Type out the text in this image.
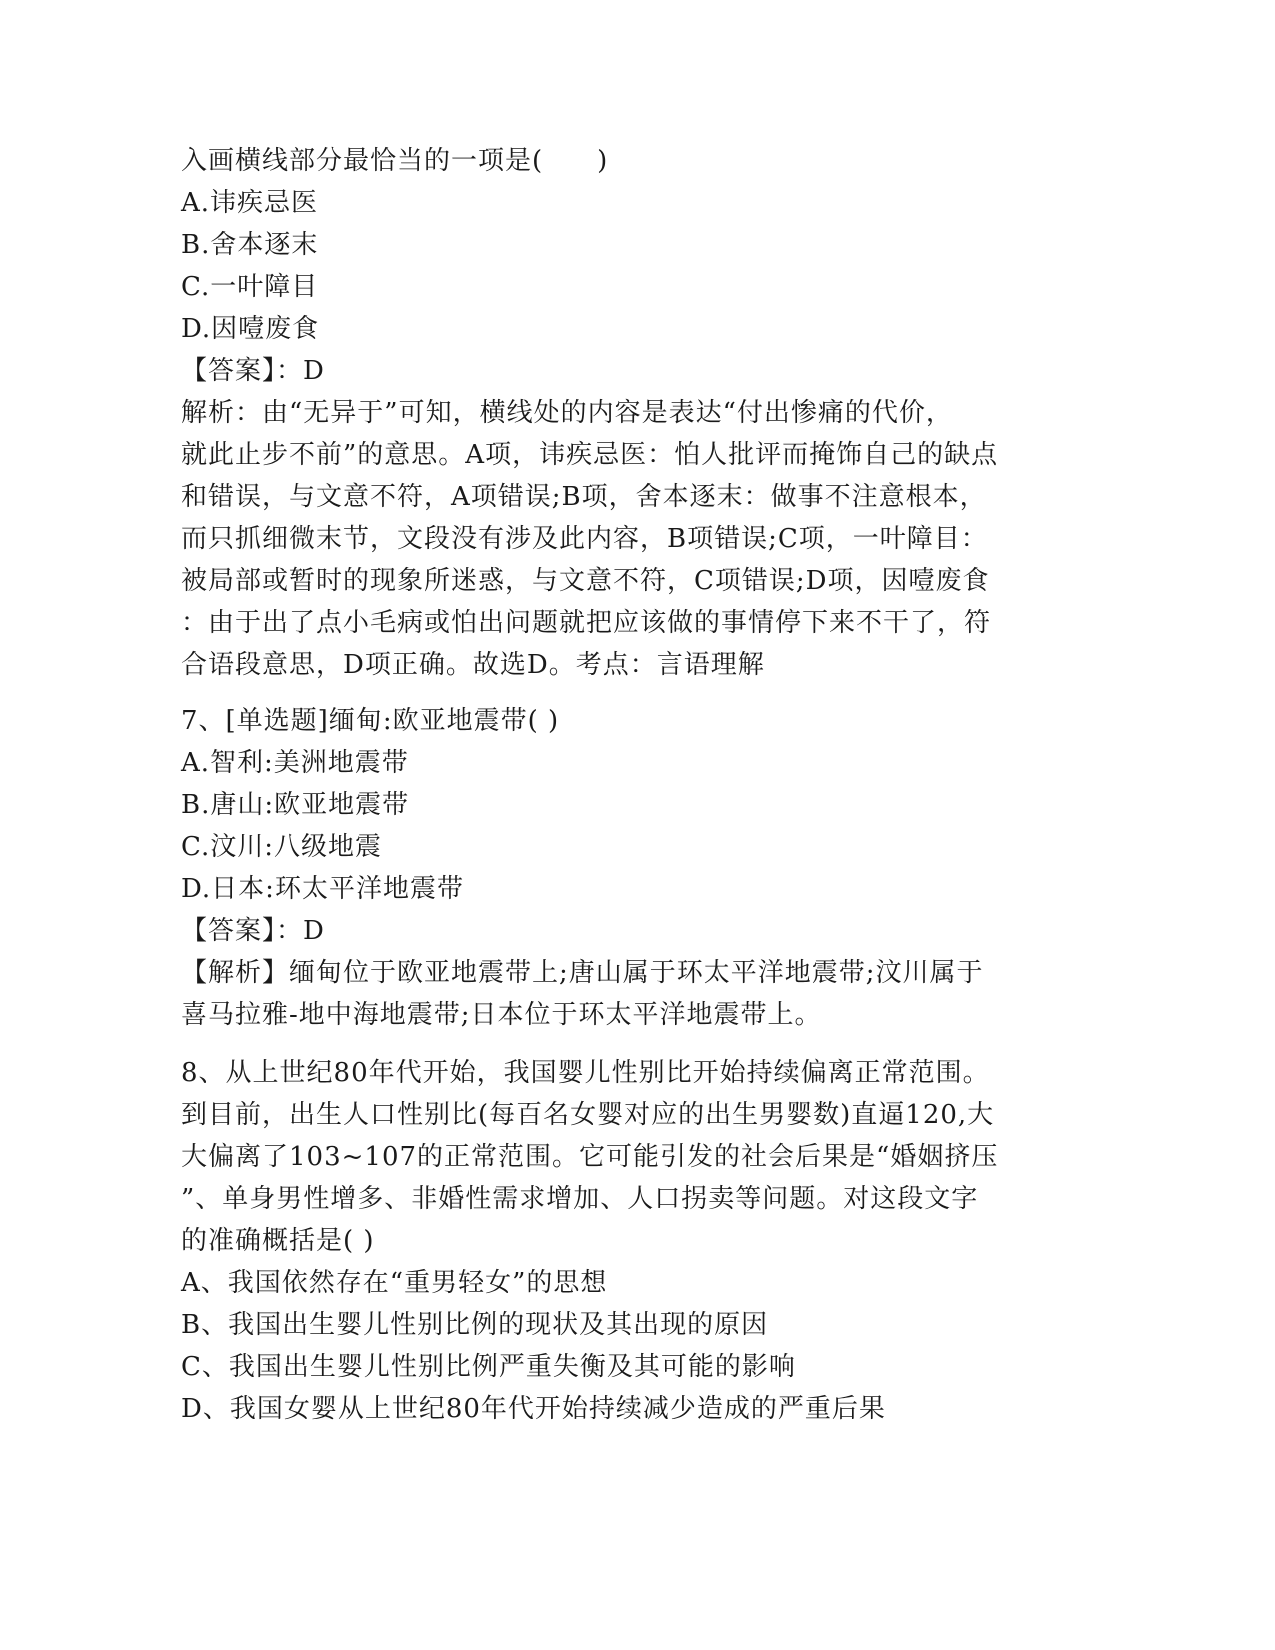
入画横线部分最恰当的一项是(　　)
A.讳疾忌医
B.舍本逐末
C.一叶障目
D.因噎废食
【答案】：D
解析：由“无异于”可知，横线处的内容是表达“付出惨痛的代价，
就此止步不前”的意思。A项，讳疾忌医：怕人批评而掩饰自己的缺点
和错误，与文意不符，A项错误;B项，舍本逐末：做事不注意根本，
而只抓细微末节，文段没有涉及此内容，B项错误;C项，一叶障目：
被局部或暂时的现象所迷惑，与文意不符，C项错误;D项，因噎废食
：由于出了点小毛病或怕出问题就把应该做的事情停下来不干了，符
合语段意思，D项正确。故选D。考点：言语理解
7、[单选题]缅甸:欧亚地震带( )
A.智利:美洲地震带
B.唐山:欧亚地震带
C.汶川:八级地震
D.日本:环太平洋地震带
【答案】：D
【解析】缅甸位于欧亚地震带上;唐山属于环太平洋地震带;汶川属于
喜马拉雅-地中海地震带;日本位于环太平洋地震带上。
8、从上世纪80年代开始，我国婴儿性别比开始持续偏离正常范围。
到目前，出生人口性别比(每百名女婴对应的出生男婴数)直逼120,大
大偏离了103~107的正常范围。它可能引发的社会后果是“婚姻挤压
”、单身男性增多、非婚性需求增加、人口拐卖等问题。对这段文字
的准确概括是( )
A、我国依然存在“重男轻女”的思想
B、我国出生婴儿性别比例的现状及其出现的原因
C、我国出生婴儿性别比例严重失衡及其可能的影响
D、我国女婴从上世纪80年代开始持续减少造成的严重后果
